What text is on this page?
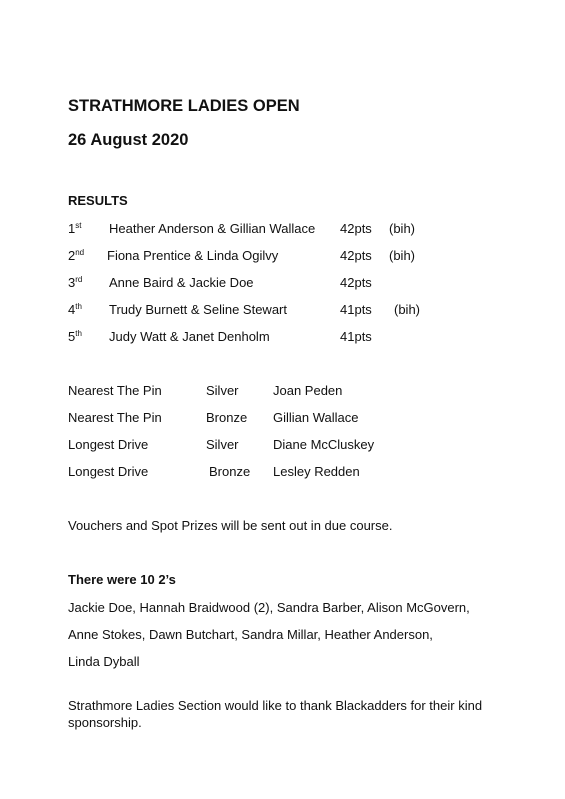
STRATHMORE LADIES OPEN
26 August 2020
RESULTS
1st Heather Anderson & Gillian Wallace 42pts (bih)
2nd Fiona Prentice & Linda Ogilvy	42pts (bih)
3rd Anne Baird & Jackie Doe	42pts
4th Trudy Burnett & Seline Stewart	41pts (bih)
5th Judy Watt & Janet Denholm	41pts
Nearest The Pin	Silver	Joan Peden
Nearest The Pin	Bronze Gillian Wallace
Longest Drive	Silver	Diane McCluskey
Longest Drive	Bronze Lesley Redden
Vouchers and Spot Prizes will be sent out in due course.
There were 10 2’s
Jackie Doe, Hannah Braidwood (2), Sandra Barber, Alison McGovern,
Anne Stokes, Dawn Butchart, Sandra Millar, Heather Anderson,
Linda Dyball
Strathmore Ladies Section would like to thank Blackadders for their kind sponsorship.
